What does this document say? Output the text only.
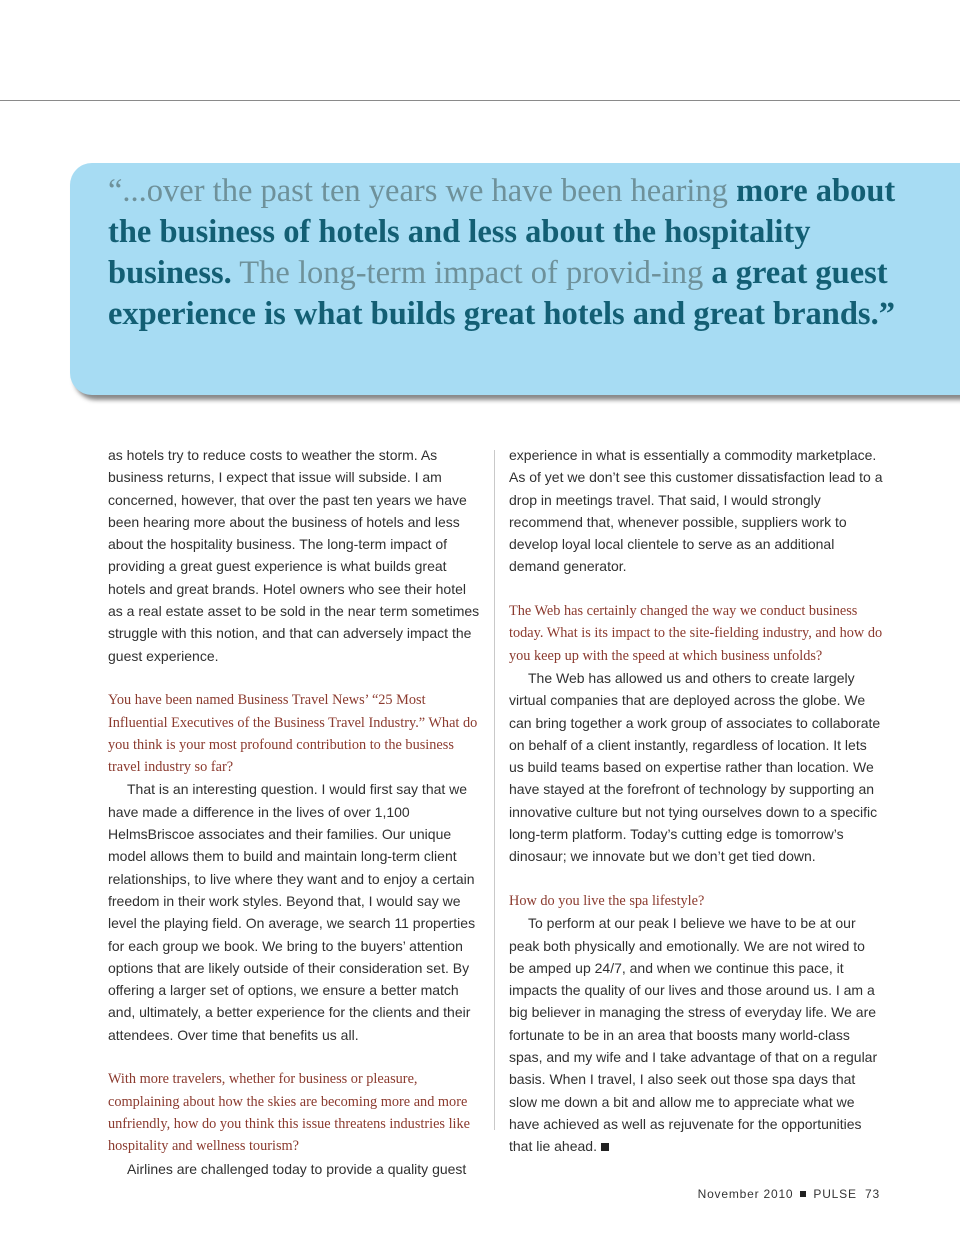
“...over the past ten years we have been hearing more about the business of hotels and less about the hospitality business. The long-term impact of provid-ing a great guest experience is what builds great hotels and great brands.”

as hotels try to reduce costs to weather the storm. As business returns, I expect that issue will subside. I am concerned, however, that over the past ten years we have been hearing more about the business of hotels and less about the hospitality business. The long-term impact of providing a great guest experience is what builds great hotels and great brands. Hotel owners who see their hotel as a real estate asset to be sold in the near term sometimes struggle with this notion, and that can adversely impact the guest experience.

You have been named Business Travel News’ “25 Most Influential Executives of the Business Travel Industry.” What do you think is your most profound contribution to the business travel industry so far?

That is an interesting question. I would first say that we have made a difference in the lives of over 1,100 HelmsBriscoe associates and their families. Our unique model allows them to build and maintain long-term client relationships, to live where they want and to enjoy a certain freedom in their work styles. Beyond that, I would say we level the playing field. On average, we search 11 properties for each group we book. We bring to the buyers’ attention options that are likely outside of their consideration set. By offering a larger set of options, we ensure a better match and, ultimately, a better experience for the clients and their attendees. Over time that benefits us all.

With more travelers, whether for business or pleasure, complaining about how the skies are becoming more and more unfriendly, how do you think this issue threatens industries like hospitality and wellness tourism?

Airlines are challenged today to provide a quality guest

experience in what is essentially a commodity marketplace. As of yet we don’t see this customer dissatisfaction lead to a drop in meetings travel. That said, I would strongly recommend that, whenever possible, suppliers work to develop loyal local clientele to serve as an additional demand generator.

The Web has certainly changed the way we conduct business today. What is its impact to the site-fielding industry, and how do you keep up with the speed at which business unfolds?

The Web has allowed us and others to create largely virtual companies that are deployed across the globe. We can bring together a work group of associates to collaborate on behalf of a client instantly, regardless of location. It lets us build teams based on expertise rather than location. We have stayed at the forefront of technology by supporting an innovative culture but not tying ourselves down to a specific long-term platform. Today’s cutting edge is tomorrow’s dinosaur; we innovate but we don’t get tied down.

How do you live the spa lifestyle?

To perform at our peak I believe we have to be at our peak both physically and emotionally. We are not wired to be amped up 24/7, and when we continue this pace, it impacts the quality of our lives and those around us. I am a big believer in managing the stress of everyday life. We are fortunate to be in an area that boosts many world-class spas, and my wife and I take advantage of that on a regular basis. When I travel, I also seek out those spa days that slow me down a bit and allow me to appreciate what we have achieved as well as rejuvenate for the opportunities that lie ahead.

November 2010 PULSE 73
